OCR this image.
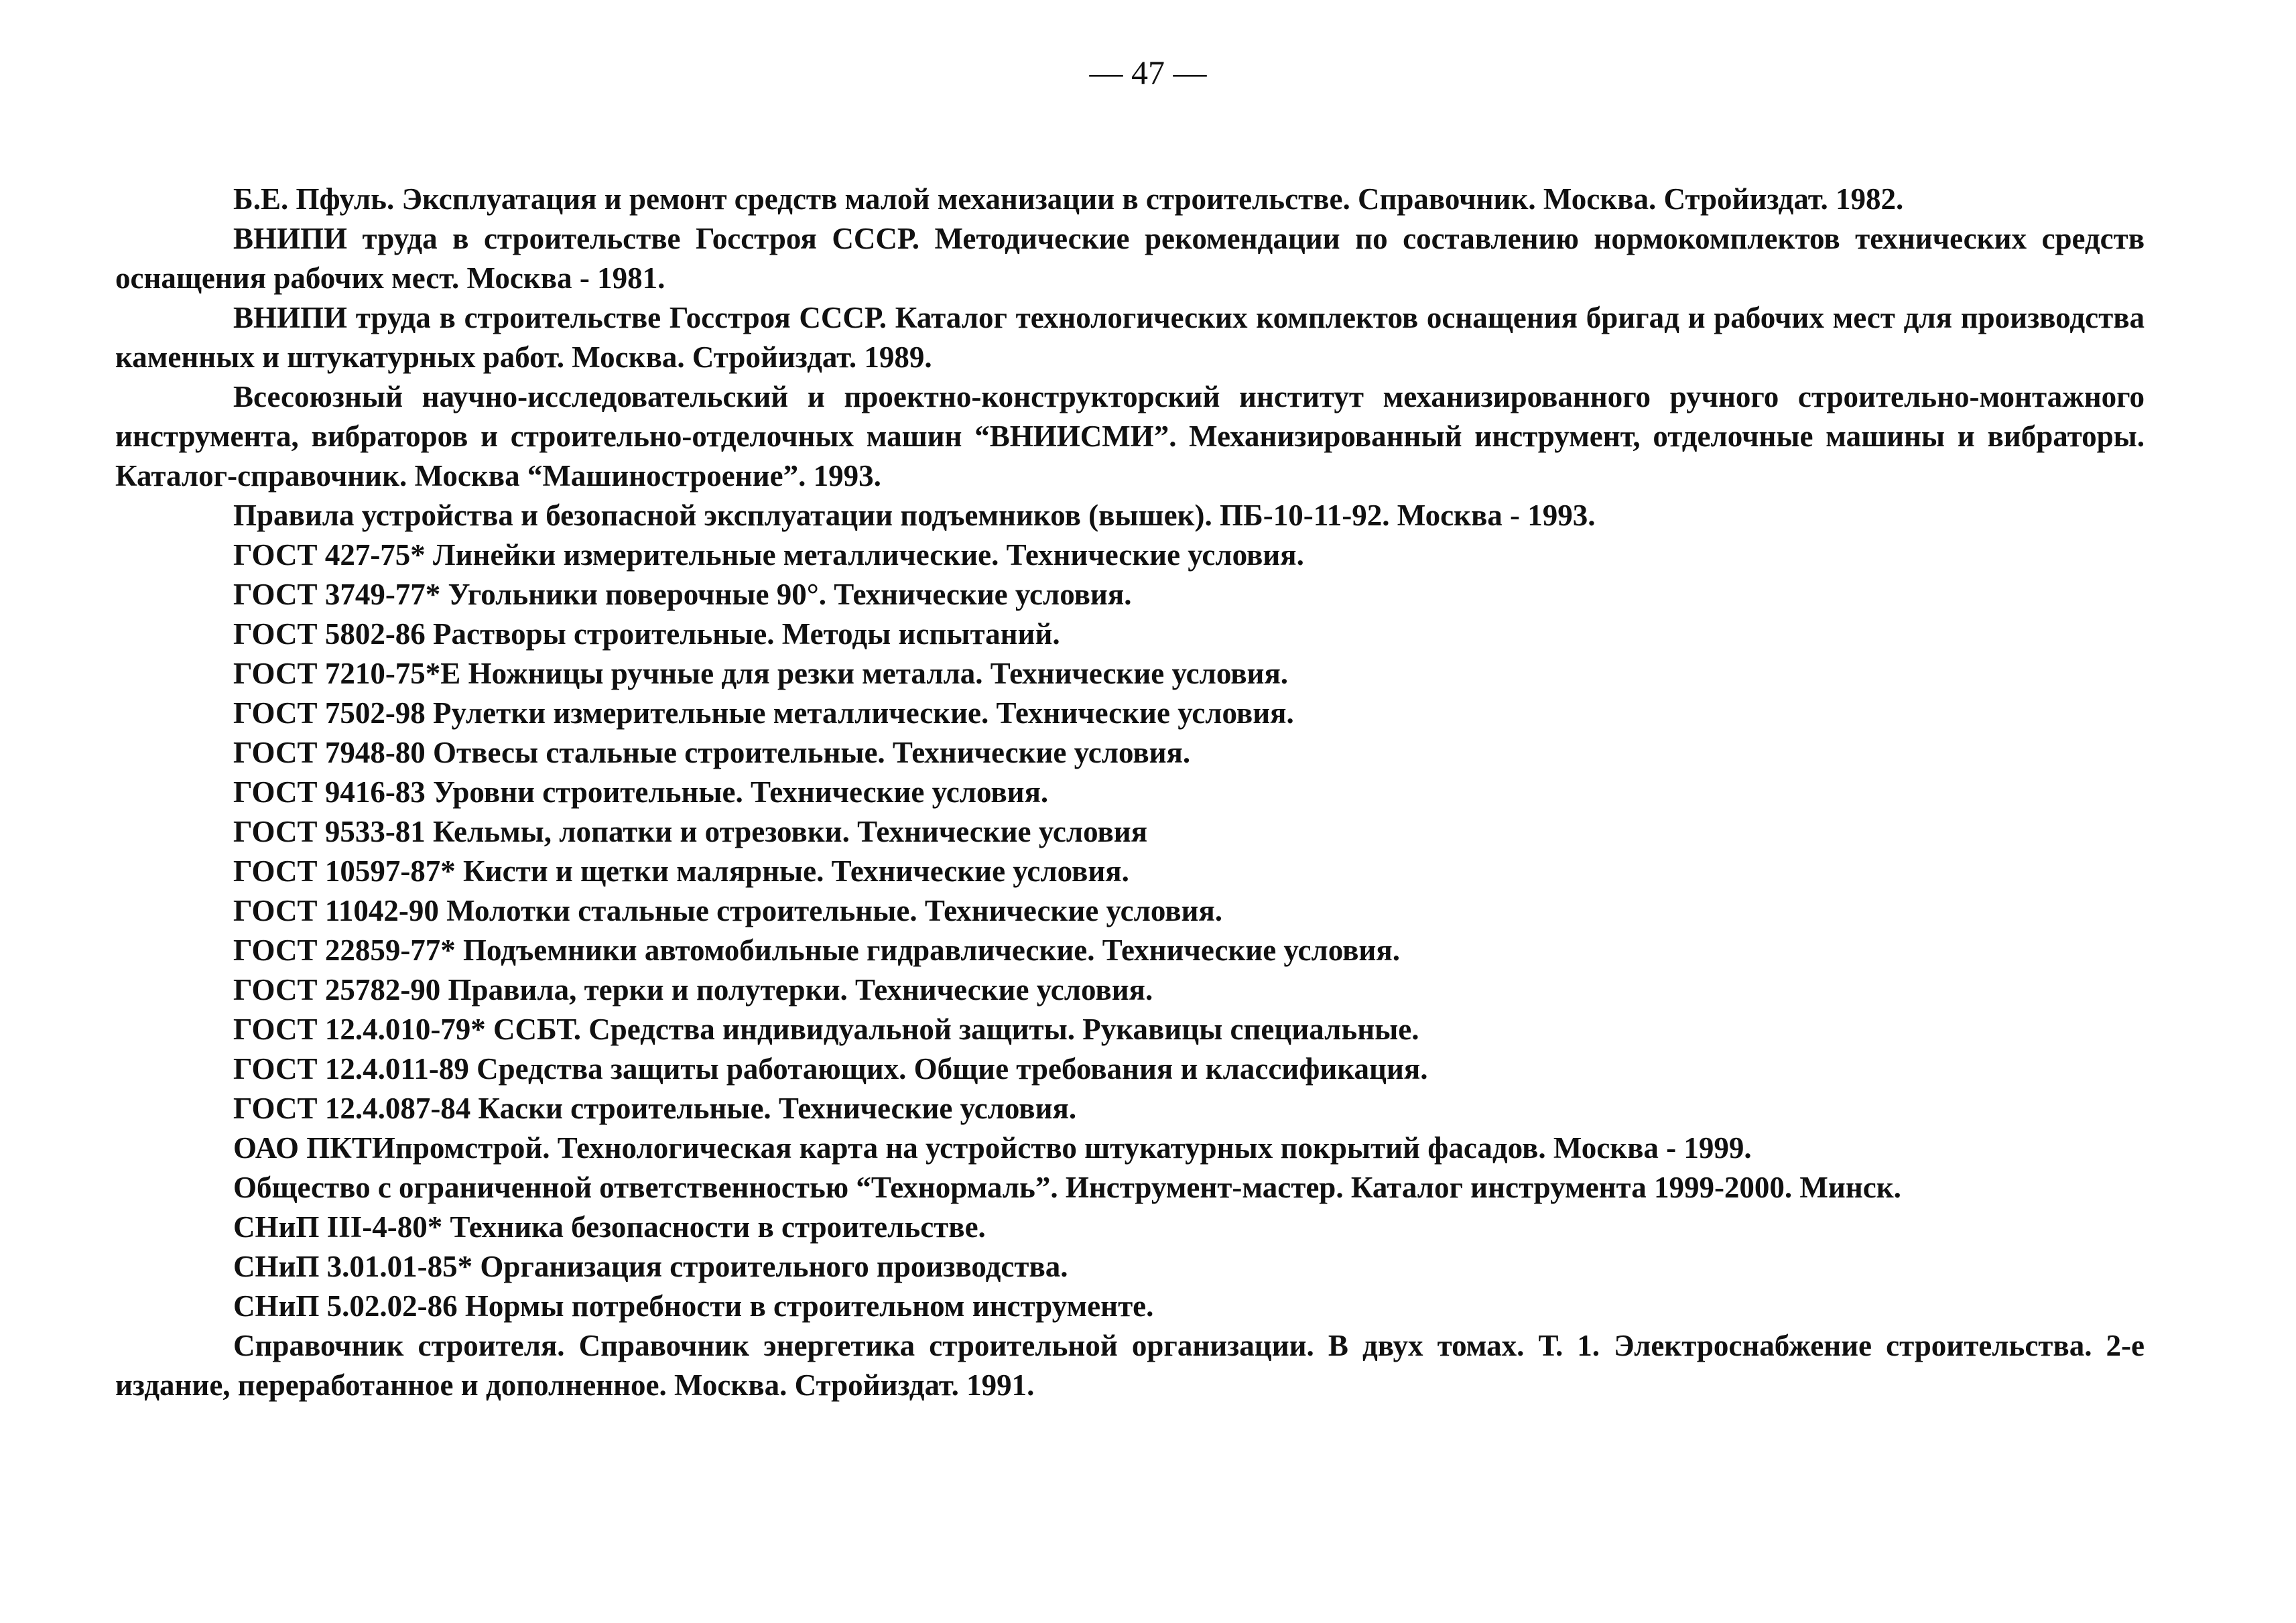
— 47 —
Б.Е. Пфуль. Эксплуатация и ремонт средств малой механизации в строительстве. Справочник. Москва. Стройиздат. 1982.
ВНИПИ труда в строительстве Госстроя СССР. Методические рекомендации по составлению нормокомплектов технических средств оснащения рабочих мест. Москва - 1981.
ВНИПИ труда в строительстве Госстроя СССР. Каталог технологических комплектов оснащения бригад и рабочих мест для производства каменных и штукатурных работ. Москва. Стройиздат. 1989.
Всесоюзный научно-исследовательский и проектно-конструкторский институт механизированного ручного строительно-монтажного инструмента, вибраторов и строительно-отделочных машин “ВНИИСМИ”. Механизированный инструмент, отделочные машины и вибраторы. Каталог-справочник. Москва “Машиностроение”. 1993.
Правила устройства и безопасной эксплуатации подъемников (вышек). ПБ-10-11-92. Москва - 1993.
ГОСТ 427-75* Линейки измерительные металлические. Технические условия.
ГОСТ 3749-77* Угольники поверочные 90°. Технические условия.
ГОСТ 5802-86 Растворы строительные. Методы испытаний.
ГОСТ 7210-75*Е Ножницы ручные для резки металла. Технические условия.
ГОСТ 7502-98 Рулетки измерительные металлические. Технические условия.
ГОСТ 7948-80 Отвесы стальные строительные. Технические условия.
ГОСТ 9416-83 Уровни строительные. Технические условия.
ГОСТ 9533-81 Кельмы, лопатки и отрезовки. Технические условия
ГОСТ 10597-87* Кисти и щетки малярные. Технические условия.
ГОСТ 11042-90 Молотки стальные строительные. Технические условия.
ГОСТ 22859-77* Подъемники автомобильные гидравлические. Технические условия.
ГОСТ 25782-90 Правила, терки и полутерки. Технические условия.
ГОСТ 12.4.010-79* ССБТ. Средства индивидуальной защиты. Рукавицы специальные.
ГОСТ 12.4.011-89 Средства защиты работающих. Общие требования и классификация.
ГОСТ 12.4.087-84 Каски строительные. Технические условия.
ОАО ПКТИпромстрой. Технологическая карта на устройство штукатурных покрытий фасадов. Москва - 1999.
Общество с ограниченной ответственностью “Технормаль”. Инструмент-мастер. Каталог инструмента 1999-2000. Минск.
СНиП III-4-80* Техника безопасности в строительстве.
СНиП 3.01.01-85* Организация строительного производства.
СНиП 5.02.02-86 Нормы потребности в строительном инструменте.
Справочник строителя. Справочник энергетика строительной организации. В двух томах. Т. 1. Электроснабжение строительства. 2-е издание, переработанное и дополненное. Москва. Стройиздат. 1991.
